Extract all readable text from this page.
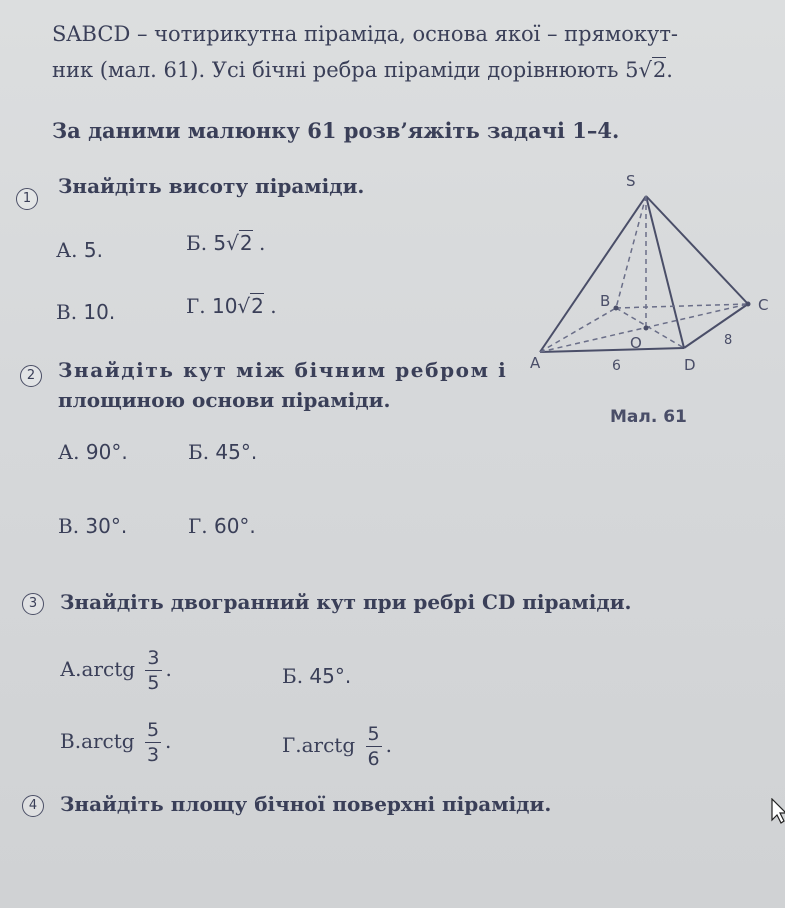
SABCD – чотирикутна піраміда, основа якої – прямокут-
ник (мал. 61). Усі бічні ребра піраміди дорівнюють 5√2.
За даними малюнку 61 розв’яжіть задачі 1–4.
1
Знайдіть висоту піраміди.
А. 5.	Б. 5√2 .
В. 10.	Г. 10√2 .
2	Знайдіть кут між бічним ребром і
площиною основи піраміди.
А. 90°.	Б. 45°.
В. 30°.	Г. 60°.
3	Знайдіть двогранний кут при ребрі CD піраміди.
А.arctg $\frac{3}{5}$ .	Б. 45°.
В.arctg $\frac{5}{3}$ .	Г.arctg $\frac{5}{6}$ .
4	Знайдіть площу бічної поверхні піраміди.
S
B	C
A	D
O
6
8
Мал. 61
